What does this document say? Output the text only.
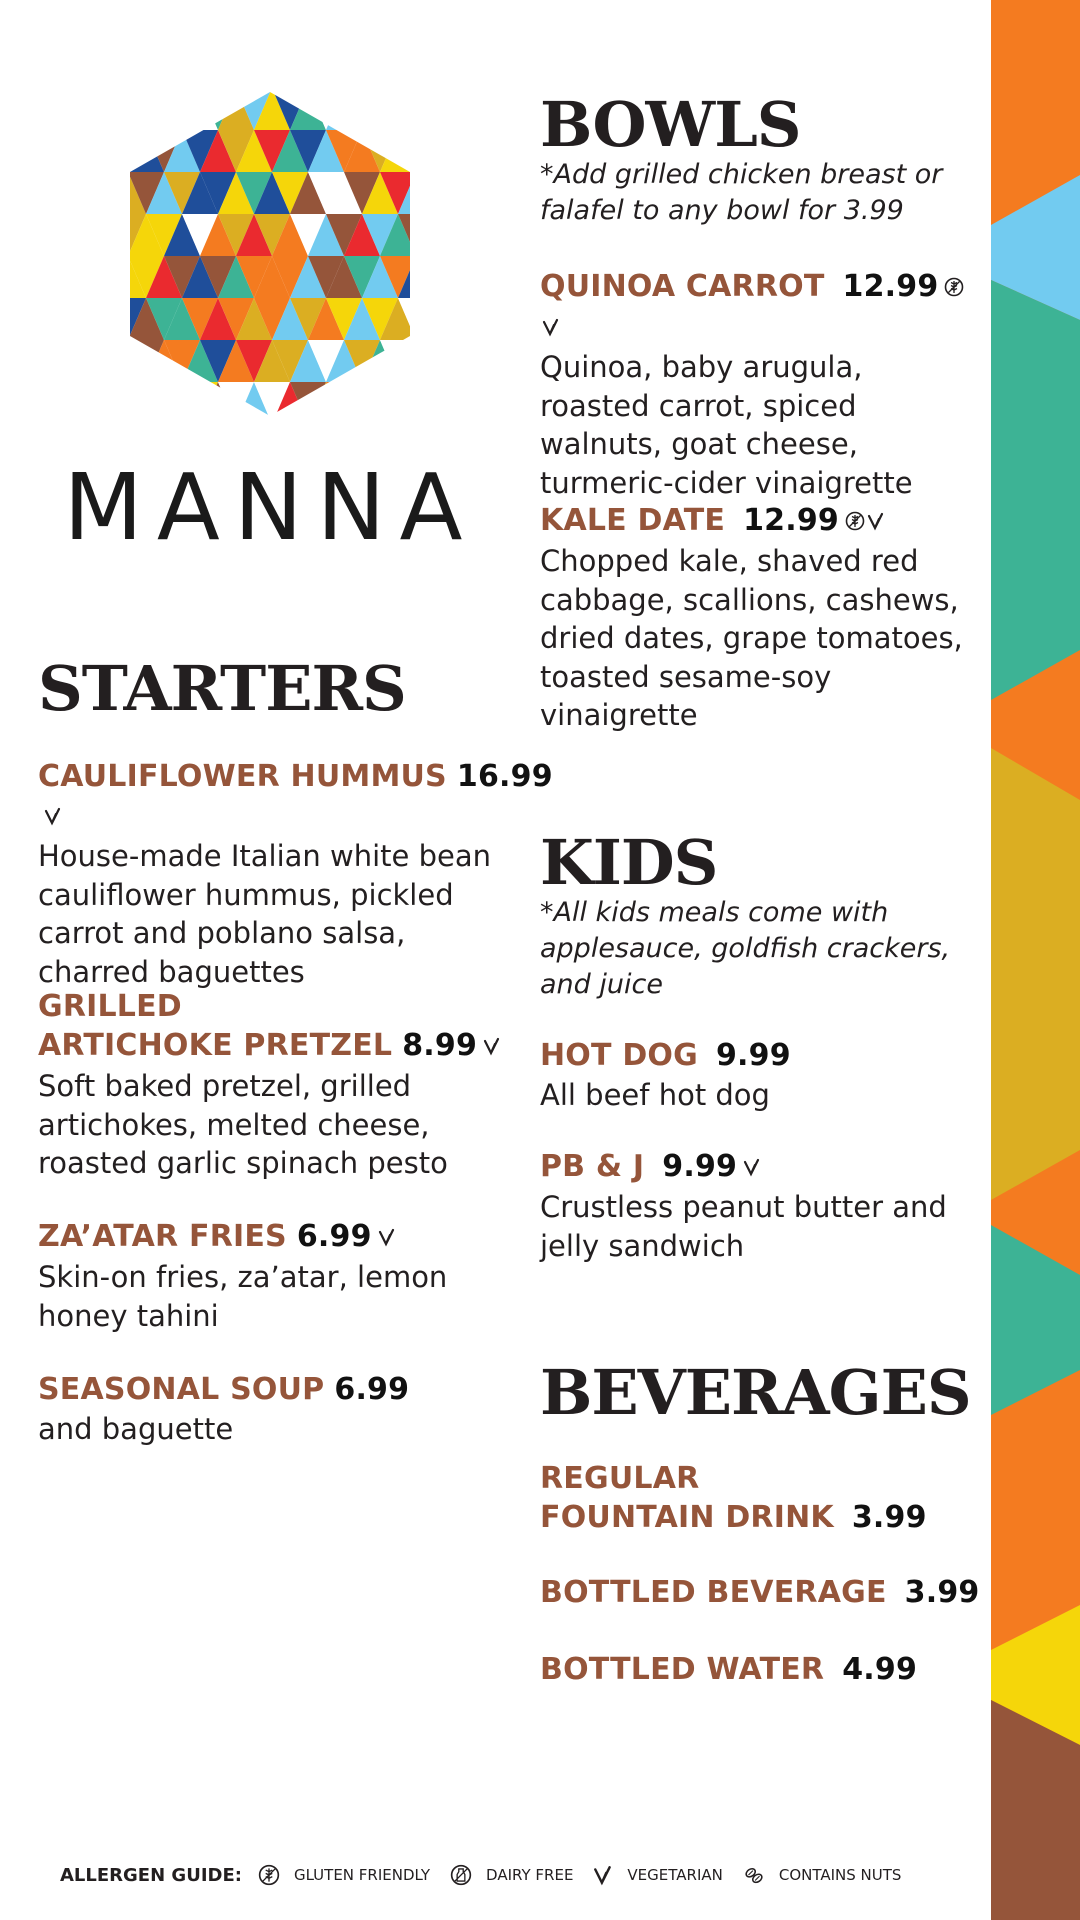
MANNA
STARTERS
CAULIFLOWER HUMMUS 16.99
House-made Italian white bean cauliflower hummus, pickled carrot and poblano salsa, charred baguettes
GRILLED
ARTICHOKE PRETZEL 8.99
Soft baked pretzel, grilled artichokes, melted cheese, roasted garlic spinach pesto
ZA’ATAR FRIES 6.99
Skin-on fries, za’atar, lemon honey tahini
SEASONAL SOUP 6.99
and baguette
BOWLS
*Add grilled chicken breast or falafel to any bowl for 3.99
QUINOA CARROT 12.99
Quinoa, baby arugula, roasted carrot, spiced walnuts, goat cheese, turmeric-cider vinaigrette
KALE DATE 12.99
Chopped kale, shaved red cabbage, scallions, cashews, dried dates, grape tomatoes, toasted sesame-soy vinaigrette
KIDS
*All kids meals come with applesauce, goldfish crackers, and juice
HOT DOG 9.99
All beef hot dog
PB & J 9.99
Crustless peanut butter and jelly sandwich
BEVERAGES
REGULAR
FOUNTAIN DRINK 3.99
BOTTLED BEVERAGE 3.99
BOTTLED WATER 4.99
ALLERGEN GUIDE:	GLUTEN FRIENDLY	DAIRY FREE	VEGETARIAN	CONTAINS NUTS
